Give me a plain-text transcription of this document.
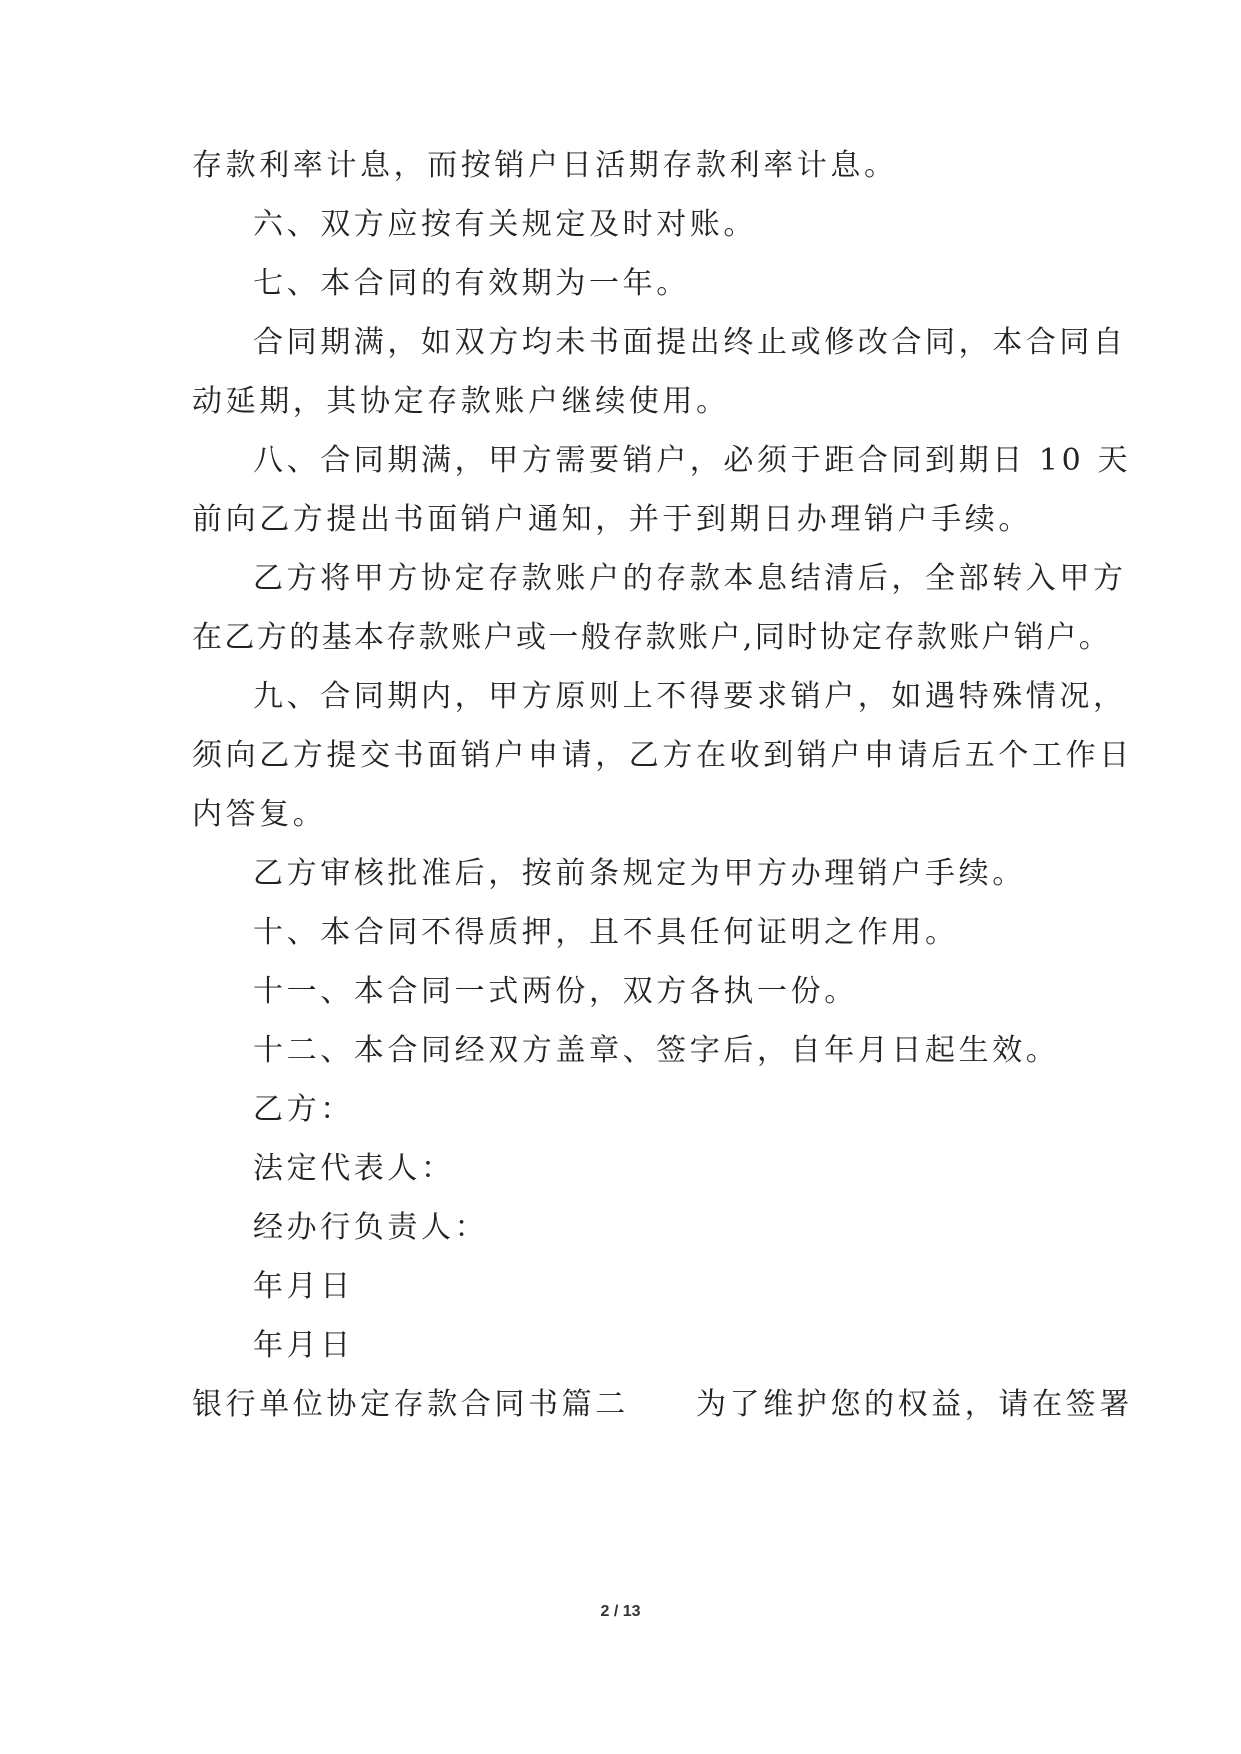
存款利率计息，而按销户日活期存款利率计息。
六、双方应按有关规定及时对账。
七、本合同的有效期为一年。
合同期满，如双方均未书面提出终止或修改合同，本合同自
动延期，其协定存款账户继续使用。
八、合同期满，甲方需要销户，必须于距合同到期日 10 天
前向乙方提出书面销户通知，并于到期日办理销户手续。
乙方将甲方协定存款账户的存款本息结清后，全部转入甲方
在乙方的基本存款账户或一般存款账户,同时协定存款账户销户。
九、合同期内，甲方原则上不得要求销户，如遇特殊情况，
须向乙方提交书面销户申请，乙方在收到销户申请后五个工作日
内答复。
乙方审核批准后，按前条规定为甲方办理销户手续。
十、本合同不得质押，且不具任何证明之作用。
十一、本合同一式两份，双方各执一份。
十二、本合同经双方盖章、签字后，自年月日起生效。
乙方：
法定代表人：
经办行负责人：
年月日
年月日
银行单位协定存款合同书篇二　　为了维护您的权益，请在签署
2 / 13
